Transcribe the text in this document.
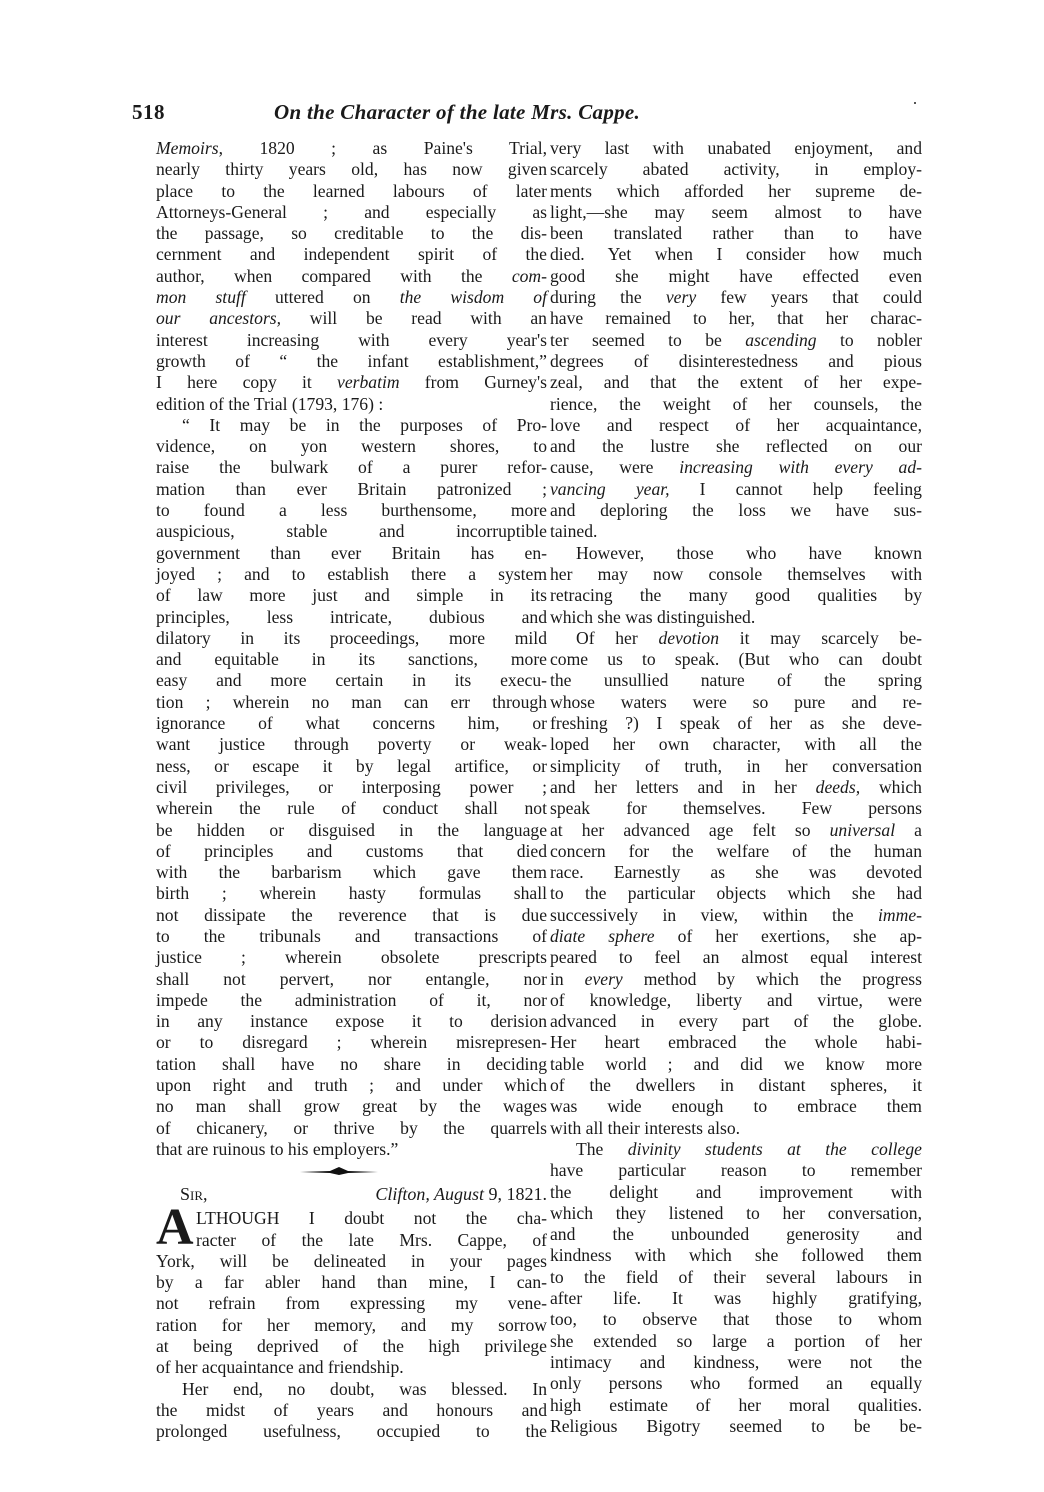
518	On the Character of the late Mrs. Cappe.
Memoirs, 1820 ; as Paine's Trial,
nearly thirty years old, has now given
place to the learned labours of later
Attorneys-General ; and especially as
the passage, so creditable to the dis-
cernment and independent spirit of the
author, when compared with the com-
mon stuff uttered on the wisdom of
our ancestors, will be read with an
interest increasing with every year's
growth of “ the infant establishment,”
I here copy it verbatim from Gurney's
edition of the Trial (1793, 176) :
“ It may be in the purposes of Pro-
vidence, on yon western shores, to
raise the bulwark of a purer refor-
mation than ever Britain patronized ;
to found a less burthensome, more
auspicious, stable and incorruptible
government than ever Britain has en-
joyed ; and to establish there a system
of law more just and simple in its
principles, less intricate, dubious and
dilatory in its proceedings, more mild
and equitable in its sanctions, more
easy and more certain in its execu-
tion ; wherein no man can err through
ignorance of what concerns him, or
want justice through poverty or weak-
ness, or escape it by legal artifice, or
civil privileges, or interposing power ;
wherein the rule of conduct shall not
be hidden or disguised in the language
of principles and customs that died
with the barbarism which gave them
birth ; wherein hasty formulas shall
not dissipate the reverence that is due
to the tribunals and transactions of
justice ; wherein obsolete prescripts
shall not pervert, nor entangle, nor
impede the administration of it, nor
in any instance expose it to derision
or to disregard ; wherein misrepresen-
tation shall have no share in deciding
upon right and truth ; and under which
no man shall grow great by the wages
of chicanery, or thrive by the quarrels
that are ruinous to his employers.”
Sir,	Clifton, August 9, 1821.
A LTHOUGH I doubt not the cha-
racter of the late Mrs. Cappe, of
York, will be delineated in your pages
by a far abler hand than mine, I can-
not refrain from expressing my vene-
ration for her memory, and my sorrow
at being deprived of the high privilege
of her acquaintance and friendship.
Her end, no doubt, was blessed. In
the midst of years and honours and
prolonged usefulness, occupied to the
very last with unabated enjoyment, and
scarcely abated activity, in employ-
ments which afforded her supreme de-
light,—she may seem almost to have
been translated rather than to have
died. Yet when I consider how much
good she might have effected even
during the very few years that could
have remained to her, that her charac-
ter seemed to be ascending to nobler
degrees of disinterestedness and pious
zeal, and that the extent of her expe-
rience, the weight of her counsels, the
love and respect of her acquaintance,
and the lustre she reflected on our
cause, were increasing with every ad-
vancing year, I cannot help feeling
and deploring the loss we have sus-
tained.
However, those who have known
her may now console themselves with
retracing the many good qualities by
which she was distinguished.
Of her devotion it may scarcely be-
come us to speak. (But who can doubt
the unsullied nature of the spring
whose waters were so pure and re-
freshing ?) I speak of her as she deve-
loped her own character, with all the
simplicity of truth, in her conversation
and her letters and in her deeds, which
speak for themselves. Few persons
at her advanced age felt so universal a
concern for the welfare of the human
race. Earnestly as she was devoted
to the particular objects which she had
successively in view, within the imme-
diate sphere of her exertions, she ap-
peared to feel an almost equal interest
in every method by which the progress
of knowledge, liberty and virtue, were
advanced in every part of the globe.
Her heart embraced the whole habi-
table world ; and did we know more
of the dwellers in distant spheres, it
was wide enough to embrace them
with all their interests also.
The divinity students at the college
have particular reason to remember
the delight and improvement with
which they listened to her conversation,
and the unbounded generosity and
kindness with which she followed them
to the field of their several labours in
after life. It was highly gratifying,
too, to observe that those to whom
she extended so large a portion of her
intimacy and kindness, were not the
only persons who formed an equally
high estimate of her moral qualities.
Religious Bigotry seemed to be be-
